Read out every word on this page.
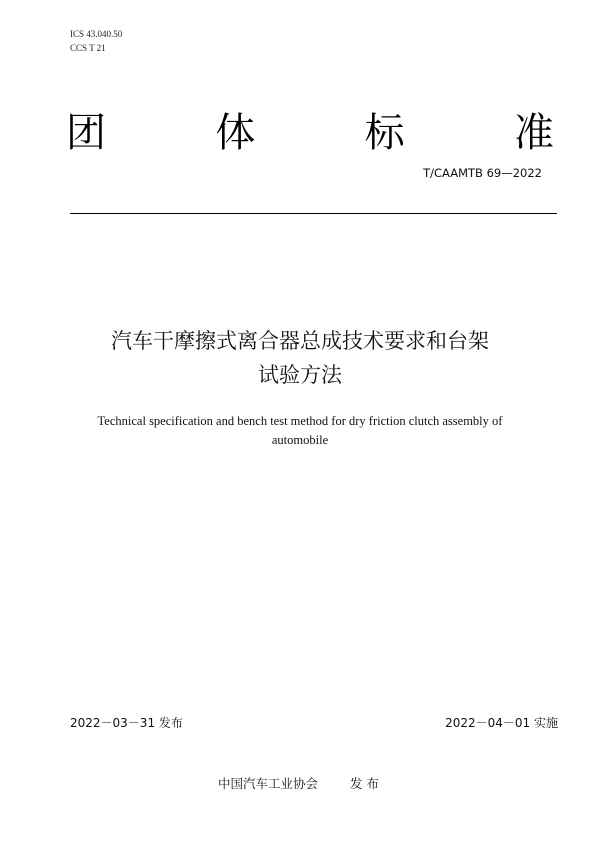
ICS 43.040.50
CCS T 21
团	体	标	准
T/CAAMTB 69—2022
汽车干摩擦式离合器总成技术要求和台架
试验方法
Technical specification and bench test method for dry friction clutch assembly of
automobile
2022－03－31 发布	2022－04－01 实施
中国汽车工业协会	发 布
